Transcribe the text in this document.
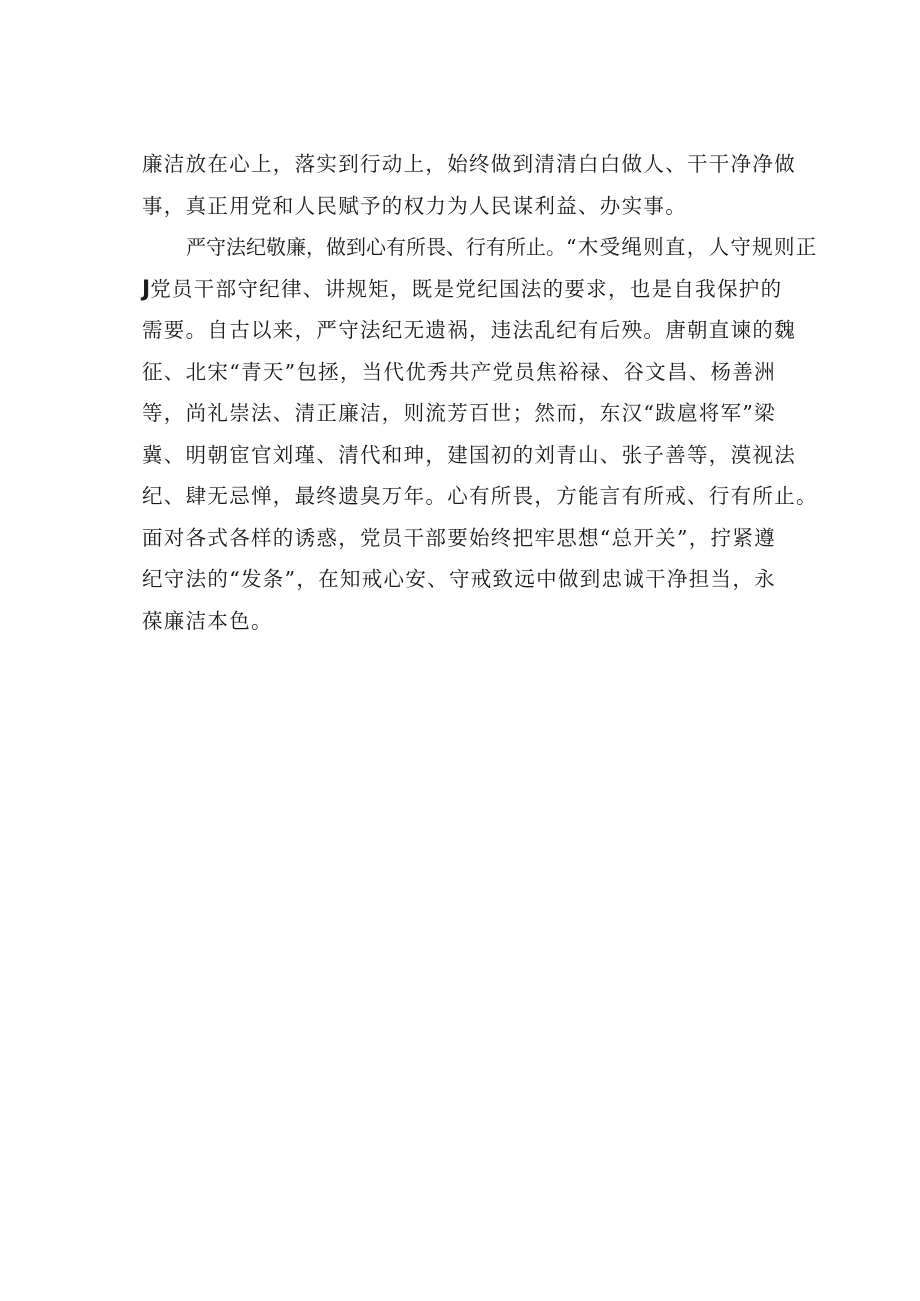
廉洁放在心上，落实到行动上，始终做到清清白白做人、干干净净做
事，真正用党和人民赋予的权力为人民谋利益、办实事。
严守法纪敬廉，做到心有所畏、行有所止。“木受绳则直，人守规则正
J党员干部守纪律、讲规矩，既是党纪国法的要求，也是自我保护的
需要。自古以来，严守法纪无遗祸，违法乱纪有后殃。唐朝直谏的魏
征、北宋“青天”包拯，当代优秀共产党员焦裕禄、谷文昌、杨善洲
等，尚礼崇法、清正廉洁，则流芳百世；然而，东汉“跋扈将军”梁
冀、明朝宦官刘瑾、清代和珅，建国初的刘青山、张子善等，漠视法
纪、肆无忌惮，最终遗臭万年。心有所畏，方能言有所戒、行有所止。
面对各式各样的诱惑，党员干部要始终把牢思想“总开关”，拧紧遵
纪守法的“发条”，在知戒心安、守戒致远中做到忠诚干净担当，永
葆廉洁本色。
